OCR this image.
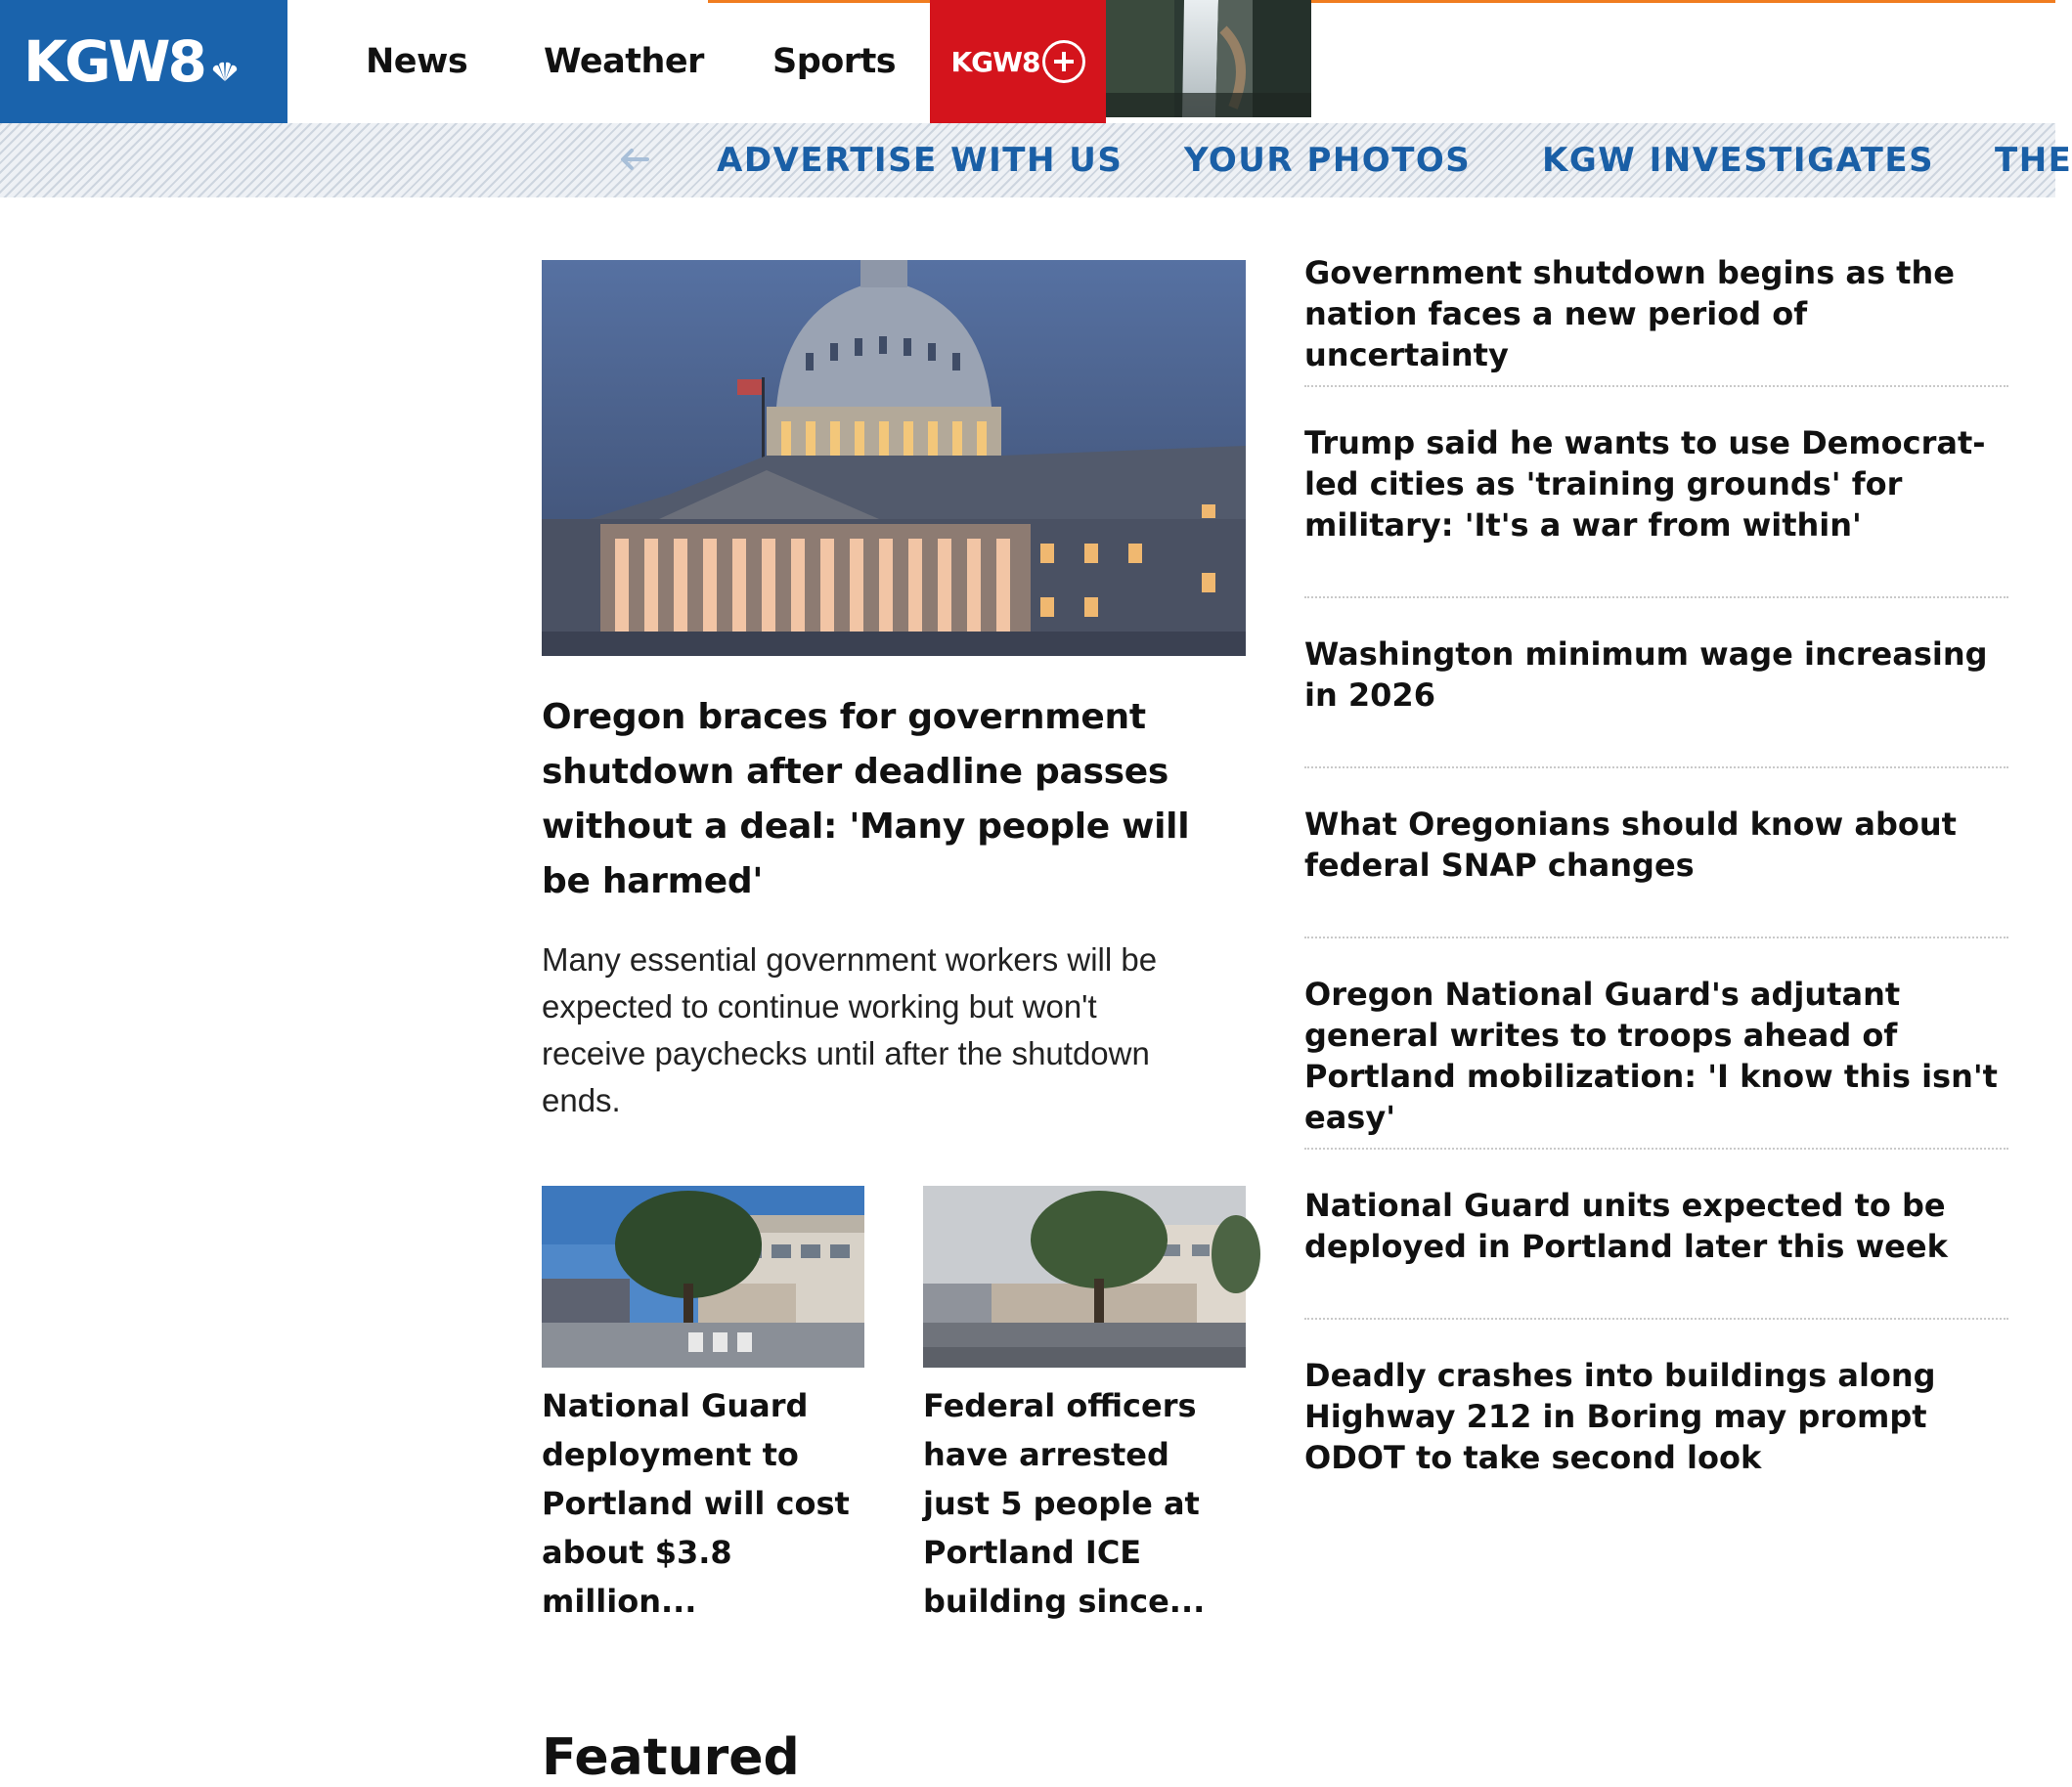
KGW8	News Weather Sports KGW8
ADVERTISE WITH US YOUR PHOTOS KGW INVESTIGATES THE
Oregon braces for government shutdown after deadline passes without a deal: 'Many people will be harmed'

Many essential government workers will be expected to continue working but won't receive paychecks until after the shutdown ends.

National Guard deployment to Portland will cost about $3.8 million...
Federal officers have arrested just 5 people at Portland ICE building since...
Government shutdown begins as the nation faces a new period of uncertainty
Trump said he wants to use Democrat-led cities as 'training grounds' for military: 'It's a war from within'
Washington minimum wage increasing in 2026
What Oregonians should know about federal SNAP changes
Oregon National Guard's adjutant general writes to troops ahead of Portland mobilization: 'I know this isn't easy'
National Guard units expected to be deployed in Portland later this week
Deadly crashes into buildings along Highway 212 in Boring may prompt ODOT to take second look
Featured
